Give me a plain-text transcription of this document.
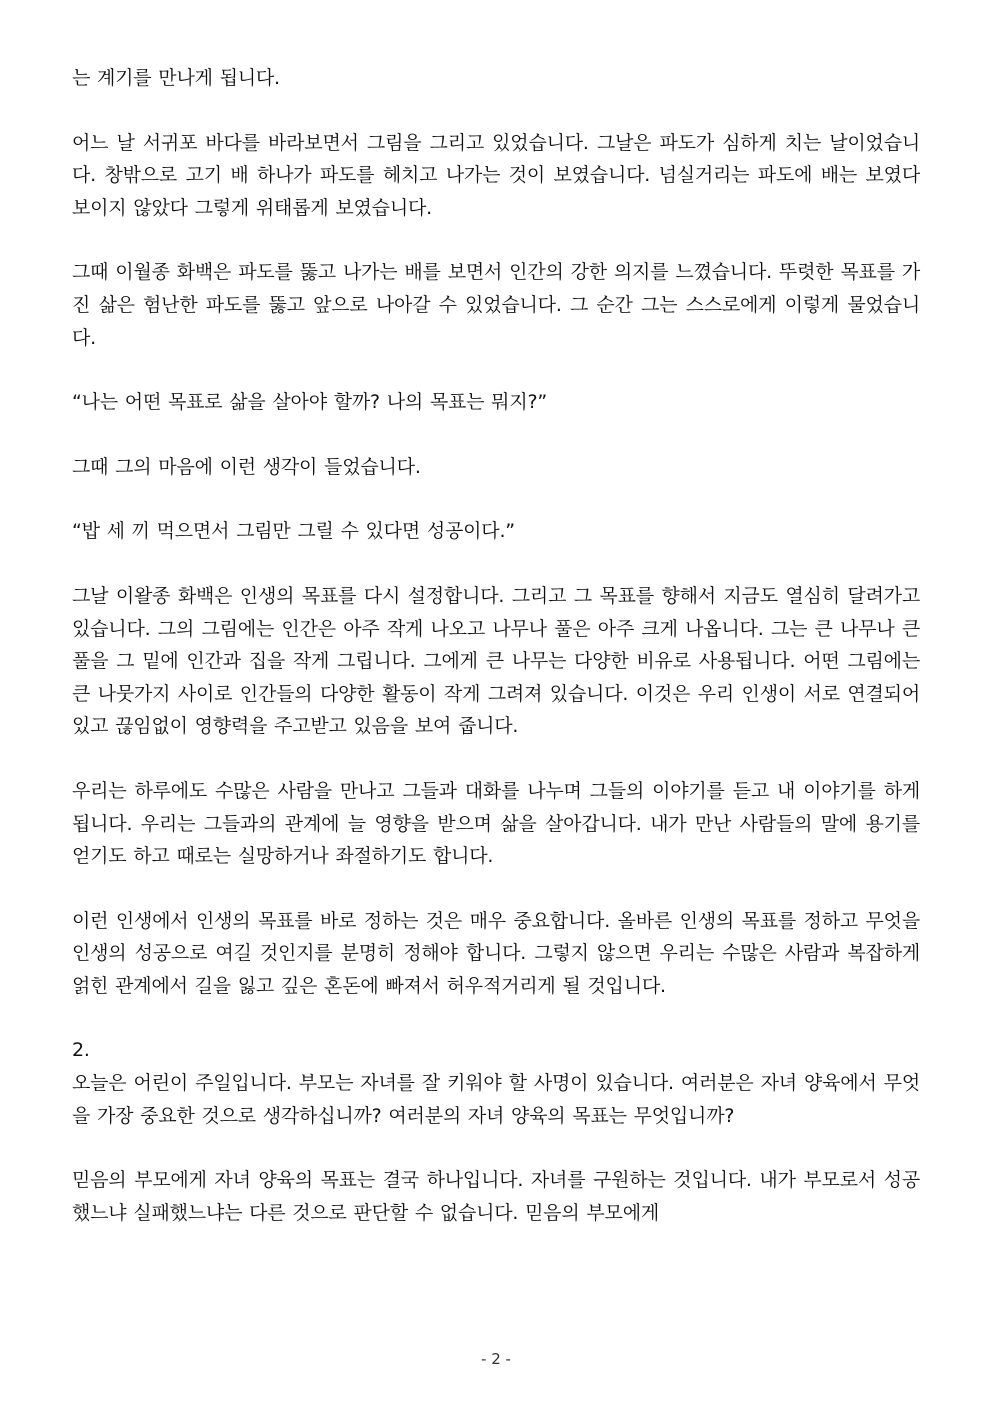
는 계기를 만나게 됩니다.

어느 날 서귀포 바다를 바라보면서 그림을 그리고 있었습니다. 그날은 파도가 심하게 치는 날이었습니다. 창밖으로 고기 배 하나가 파도를 헤치고 나가는 것이 보였습니다. 넘실거리는 파도에 배는 보였다 보이지 않았다 그렇게 위태롭게 보였습니다.

그때 이월종 화백은 파도를 뚫고 나가는 배를 보면서 인간의 강한 의지를 느꼈습니다. 뚜렷한 목표를 가진 삶은 험난한 파도를 뚫고 앞으로 나아갈 수 있었습니다. 그 순간 그는 스스로에게 이렇게 물었습니다.

“나는 어떤 목표로 삶을 살아야 할까? 나의 목표는 뭐지?”

그때 그의 마음에 이런 생각이 들었습니다.

“밥 세 끼 먹으면서 그림만 그릴 수 있다면 성공이다.”

그날 이왈종 화백은 인생의 목표를 다시 설정합니다. 그리고 그 목표를 향해서 지금도 열심히 달려가고 있습니다. 그의 그림에는 인간은 아주 작게 나오고 나무나 풀은 아주 크게 나옵니다. 그는 큰 나무나 큰 풀을 그 밑에 인간과 집을 작게 그립니다. 그에게 큰 나무는 다양한 비유로 사용됩니다. 어떤 그림에는 큰 나뭇가지 사이로 인간들의 다양한 활동이 작게 그려져 있습니다. 이것은 우리 인생이 서로 연결되어 있고 끊임없이 영향력을 주고받고 있음을 보여 줍니다.

우리는 하루에도 수많은 사람을 만나고 그들과 대화를 나누며 그들의 이야기를 듣고 내 이야기를 하게 됩니다. 우리는 그들과의 관계에 늘 영향을 받으며 삶을 살아갑니다. 내가 만난 사람들의 말에 용기를 얻기도 하고 때로는 실망하거나 좌절하기도 합니다.

이런 인생에서 인생의 목표를 바로 정하는 것은 매우 중요합니다. 올바른 인생의 목표를 정하고 무엇을 인생의 성공으로 여길 것인지를 분명히 정해야 합니다. 그렇지 않으면 우리는 수많은 사람과 복잡하게 얽힌 관계에서 길을 잃고 깊은 혼돈에 빠져서 허우적거리게 될 것입니다.

2.

오늘은 어린이 주일입니다. 부모는 자녀를 잘 키워야 할 사명이 있습니다. 여러분은 자녀 양육에서 무엇을 가장 중요한 것으로 생각하십니까? 여러분의 자녀 양육의 목표는 무엇입니까?

믿음의 부모에게 자녀 양육의 목표는 결국 하나입니다. 자녀를 구원하는 것입니다. 내가 부모로서 성공했느냐 실패했느냐는 다른 것으로 판단할 수 없습니다. 믿음의 부모에게

- 2 -
